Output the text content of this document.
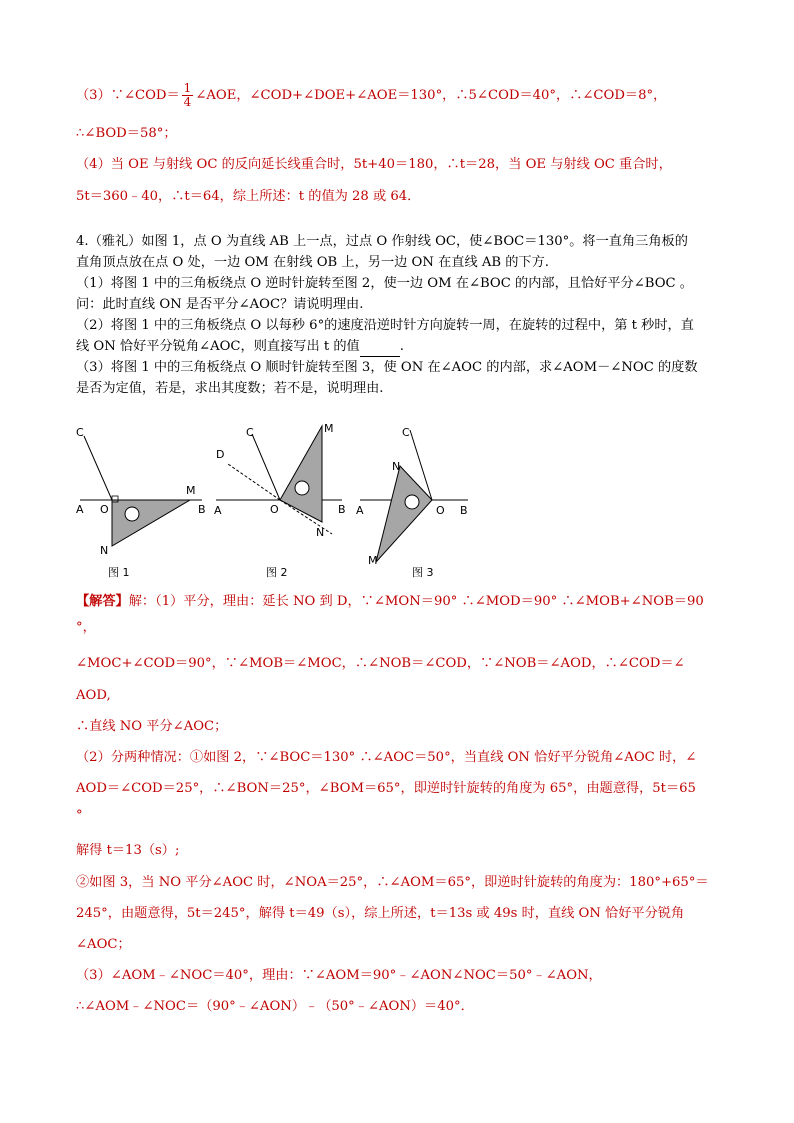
（3）∵∠COD＝ $\frac{1}{4}$ ∠AOE，∠COD+∠DOE+∠AOE＝130°，∴5∠COD＝40°，∴∠COD＝8°，
∴∠BOD＝58°；
（4）当 OE 与射线 OC 的反向延长线重合时，5t+40＝180，∴t＝28，当 OE 与射线 OC 重合时，
5t＝360﹣40，∴t＝64，综上所述：t 的值为 28 或 64．
4.（雅礼）如图 1，点 O 为直线 AB 上一点，过点 O 作射线 OC，使∠BOC＝130°。将一直角三角板的
直角顶点放在点 O 处，一边 OM 在射线 OB 上，另一边 ON 在直线 AB 的下方.
（1）将图 1 中的三角板绕点 O 逆时针旋转至图 2，使一边 OM 在∠BOC 的内部，且恰好平分∠BOC 。
问：此时直线 ON 是否平分∠AOC？请说明理由.
（2）将图 1 中的三角板绕点 O 以每秒 6°的速度沿逆时针方向旋转一周，在旋转的过程中，第 t 秒时，直
线 ON 恰好平分锐角∠AOC，则直接写出 t 的值	.
（3）将图 1 中的三角板绕点 O 顺时针旋转至图 3，使 ON 在∠AOC 的内部，求∠AOM－∠NOC 的度数
是否为定值，若是，求出其度数；若不是，说明理由.
C
A O
M
B
N
图 1
C
D
M
A	O	B
N
图 2
C
N
A	O B
M
图 3
【解答】解：（1）平分，理由：延长 NO 到 D，∵∠MON＝90° ∴∠MOD＝90° ∴∠MOB+∠NOB＝90
°，
∠MOC+∠COD＝90°，∵∠MOB＝∠MOC，∴∠NOB＝∠COD，∵∠NOB＝∠AOD，∴∠COD＝∠
AOD,
∴直线 NO 平分∠AOC；
（2）分两种情况：①如图 2，∵∠BOC＝130° ∴∠AOC＝50°，当直线 ON 恰好平分锐角∠AOC 时，∠
AOD＝∠COD＝25°，∴∠BON＝25°，∠BOM＝65°，即逆时针旋转的角度为 65°，由题意得，5t＝65
°
解得 t＝13（s）;
②如图 3，当 NO 平分∠AOC 时，∠NOA＝25°，∴∠AOM＝65°，即逆时针旋转的角度为：180°+65°＝
245°，由题意得，5t＝245°，解得 t＝49（s），综上所述，t＝13s 或 49s 时，直线 ON 恰好平分锐角
∠AOC；
（3）∠AOM﹣∠NOC＝40°，理由：∵∠AOM＝90°﹣∠AON∠NOC＝50°﹣∠AON，
∴∠AOM﹣∠NOC＝（90°﹣∠AON）﹣（50°﹣∠AON）＝40°．
